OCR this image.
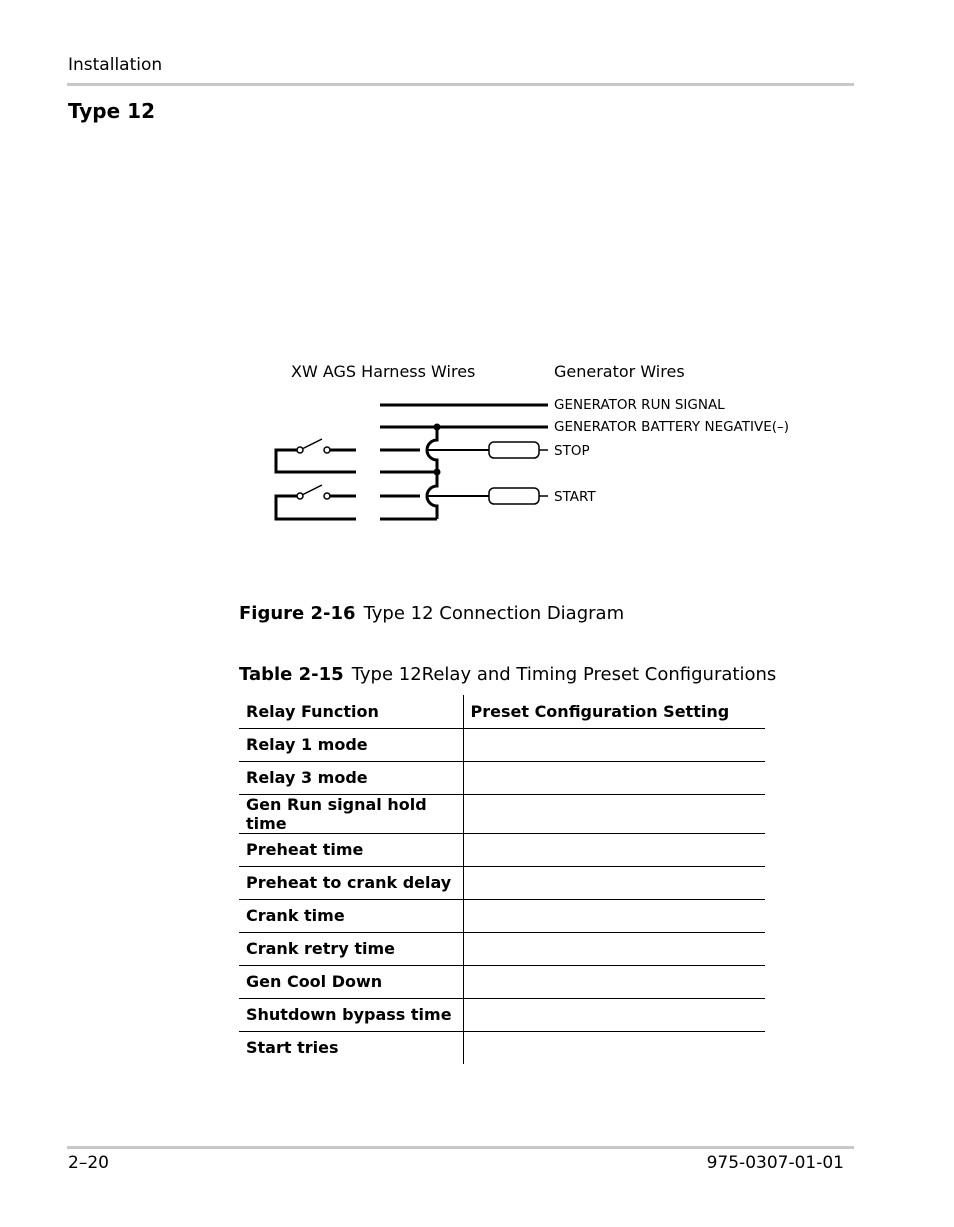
Installation
Type 12
XW AGS Harness Wires	Generator Wires
GENERATOR RUN SIGNAL
GENERATOR BATTERY NEGATIVE(–)
STOP
START
Figure 2-16 Type 12 Connection Diagram
Table 2-15 Type 12Relay and Timing Preset Configurations
Relay Function	Preset Configuration Setting
Relay 1 mode	
Relay 3 mode	
Gen Run signal hold time	
Preheat time	
Preheat to crank delay	
Crank time	
Crank retry time	
Gen Cool Down	
Shutdown bypass time	
Start tries	
2–20	975-0307-01-01
